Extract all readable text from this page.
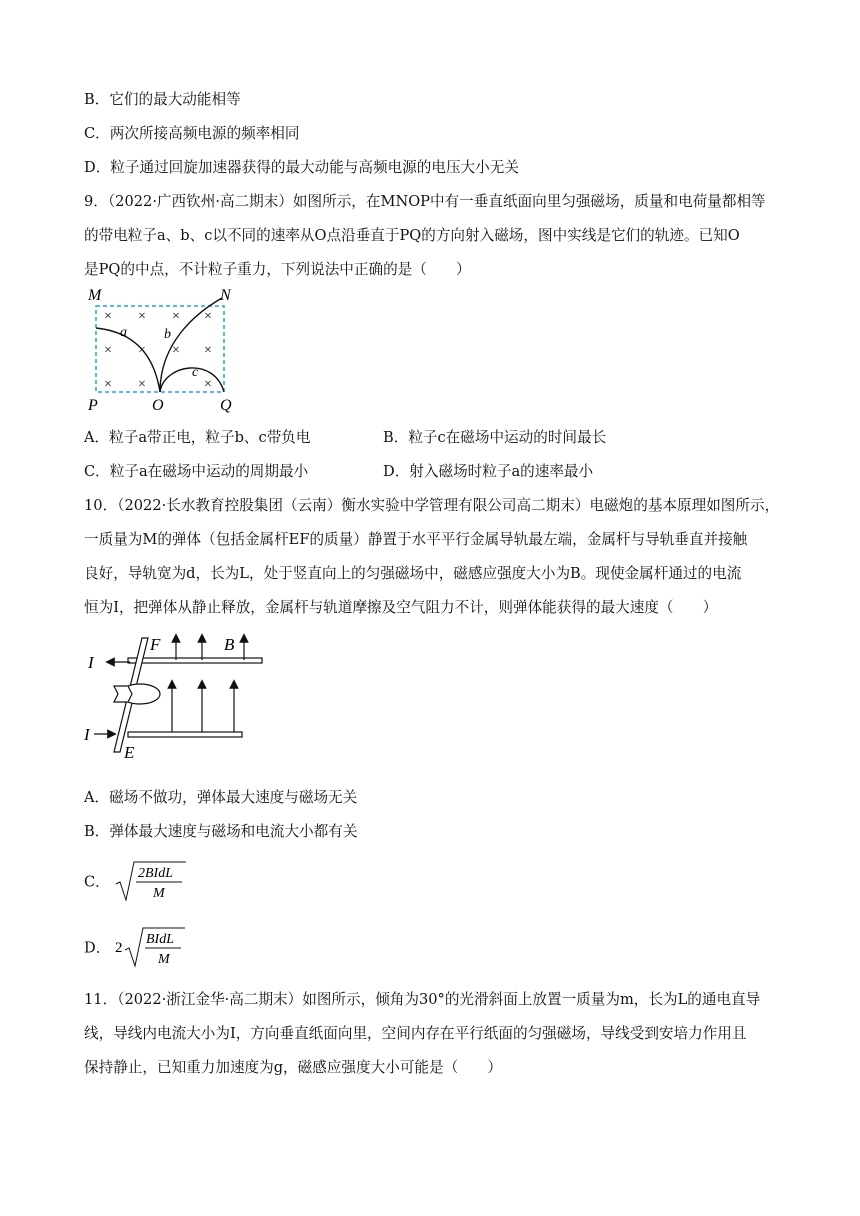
B．它们的最大动能相等
C．两次所接高频电源的频率相同
D．粒子通过回旋加速器获得的最大动能与高频电源的电压大小无关
9．（2022·广西钦州·高二期末）如图所示，在MNOP中有一垂直纸面向里匀强磁场，质量和电荷量都相等
的带电粒子a、b、c以不同的速率从O点沿垂直于PQ的方向射入磁场，图中实线是它们的轨迹。已知O
是PQ的中点，不计粒子重力，下列说法中正确的是（　　）
× × × ×
× × × ×
× ×	×
a	b
c
M	N
P	O	Q
A．粒子a带正电，粒子b、c带负电	B．粒子c在磁场中运动的时间最长
C．粒子a在磁场中运动的周期最小	D．射入磁场时粒子a的速率最小
10．（2022·长水教育控股集团（云南）衡水实验中学管理有限公司高二期末）电磁炮的基本原理如图所示，
一质量为M的弹体（包括金属杆EF的质量）静置于水平平行金属导轨最左端，金属杆与导轨垂直并接触
良好，导轨宽为d，长为L，处于竖直向上的匀强磁场中，磁感应强度大小为B。现使金属杆通过的电流
恒为I，把弹体从静止释放，金属杆与轨道摩擦及空气阻力不计，则弹体能获得的最大速度（　　）
I
I
F	B
E
A．磁场不做功，弹体最大速度与磁场无关
B．弹体最大速度与磁场和电流大小都有关
C． 2BIdL
M
D． 2
BIdL
M
11．（2022·浙江金华·高二期末）如图所示，倾角为30°的光滑斜面上放置一质量为m，长为L的通电直导
线，导线内电流大小为I，方向垂直纸面向里，空间内存在平行纸面的匀强磁场，导线受到安培力作用且
保持静止，已知重力加速度为g，磁感应强度大小可能是（　　）
